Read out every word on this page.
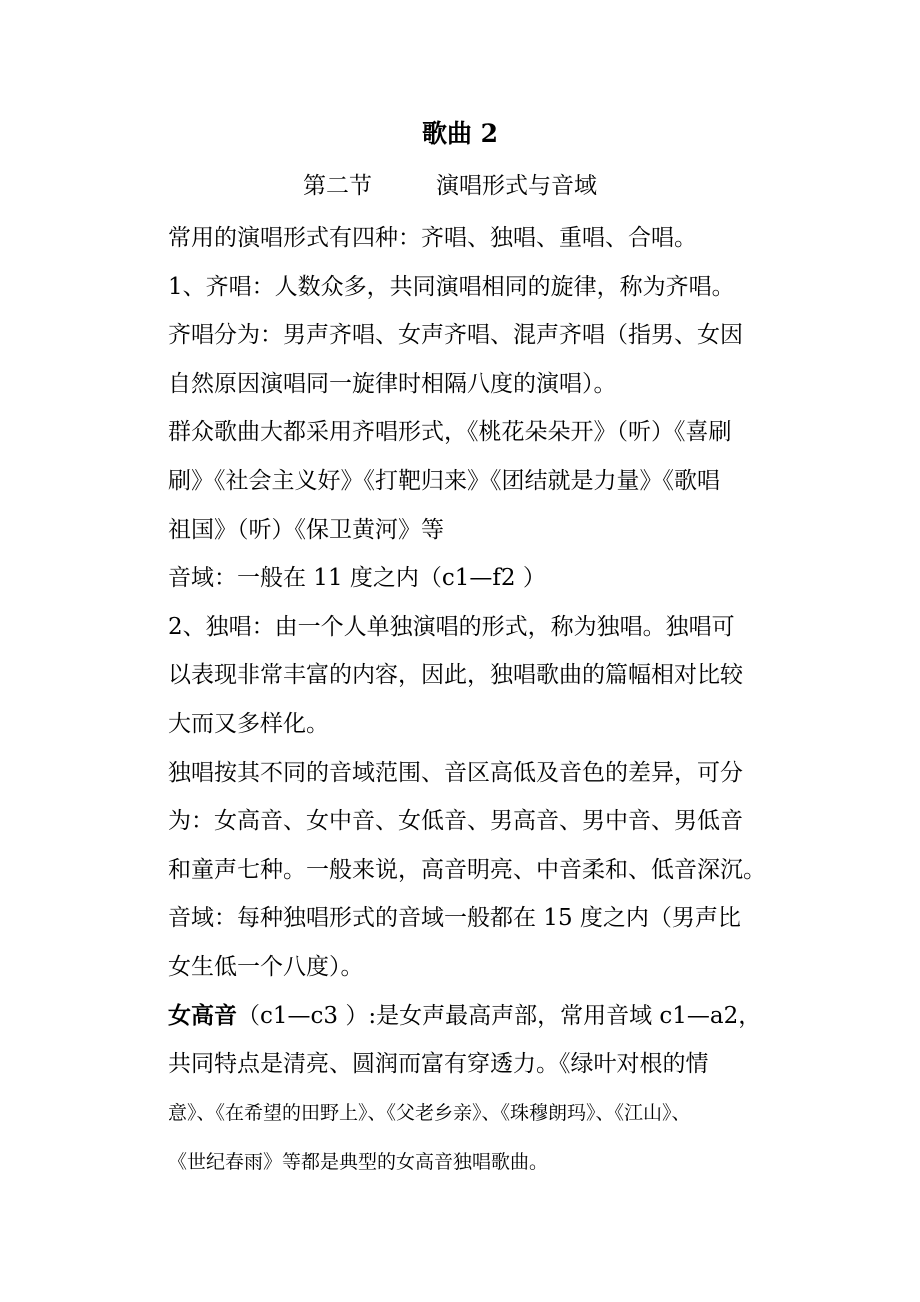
歌曲 2
第二节	演唱形式与音域

常用的演唱形式有四种：齐唱、独唱、重唱、合唱。

1、齐唱：人数众多，共同演唱相同的旋律，称为齐唱。

齐唱分为：男声齐唱、女声齐唱、混声齐唱（指男、女因

自然原因演唱同一旋律时相隔八度的演唱）。

群众歌曲大都采用齐唱形式，《桃花朵朵开》（听）《喜刷

刷》《社会主义好》《打靶归来》《团结就是力量》《歌唱

祖国》（听）《保卫黄河》等

音域：一般在 11 度之内（c1—f2 ）

2、独唱：由一个人单独演唱的形式，称为独唱。独唱可

以表现非常丰富的内容，因此，独唱歌曲的篇幅相对比较

大而又多样化。

独唱按其不同的音域范围、音区高低及音色的差异，可分

为：女高音、女中音、女低音、男高音、男中音、男低音

和童声七种。一般来说，高音明亮、中音柔和、低音深沉。

音域：每种独唱形式的音域一般都在 15 度之内（男声比

女生低一个八度）。

女高音（c1—c3 ）:是女声最高声部，常用音域 c1—a2，

共同特点是清亮、圆润而富有穿透力。《绿叶对根的情

意》、《在希望的田野上》、《父老乡亲》、《珠穆朗玛》、《江山》、

《世纪春雨》等都是典型的女高音独唱歌曲。
